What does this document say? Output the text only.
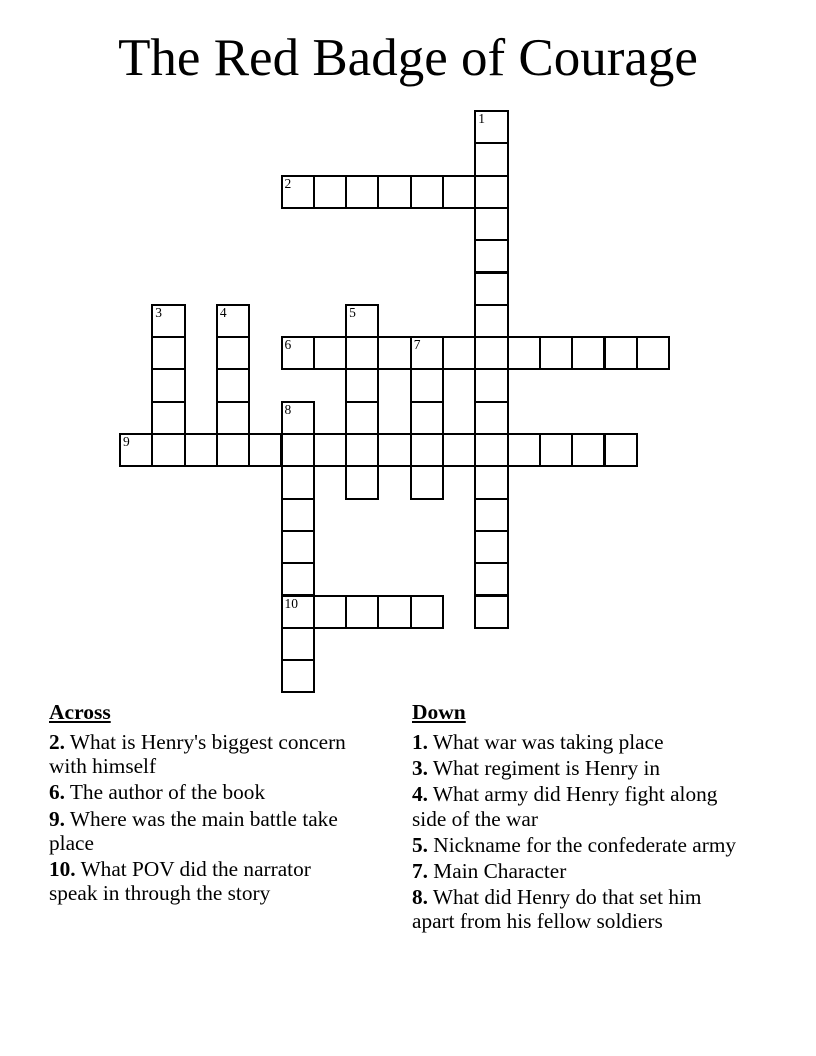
The Red Badge of Courage
1
2
3	4	5
6	7
8
9
10
Across

2. What is Henry's biggest concern with himself

6. The author of the book

9. Where was the main battle take place

10. What POV did the narrator speak in through the story

Down

1. What war was taking place

3. What regiment is Henry in

4. What army did Henry fight along side of the war

5. Nickname for the confederate army

7. Main Character

8. What did Henry do that set him apart from his fellow soldiers
